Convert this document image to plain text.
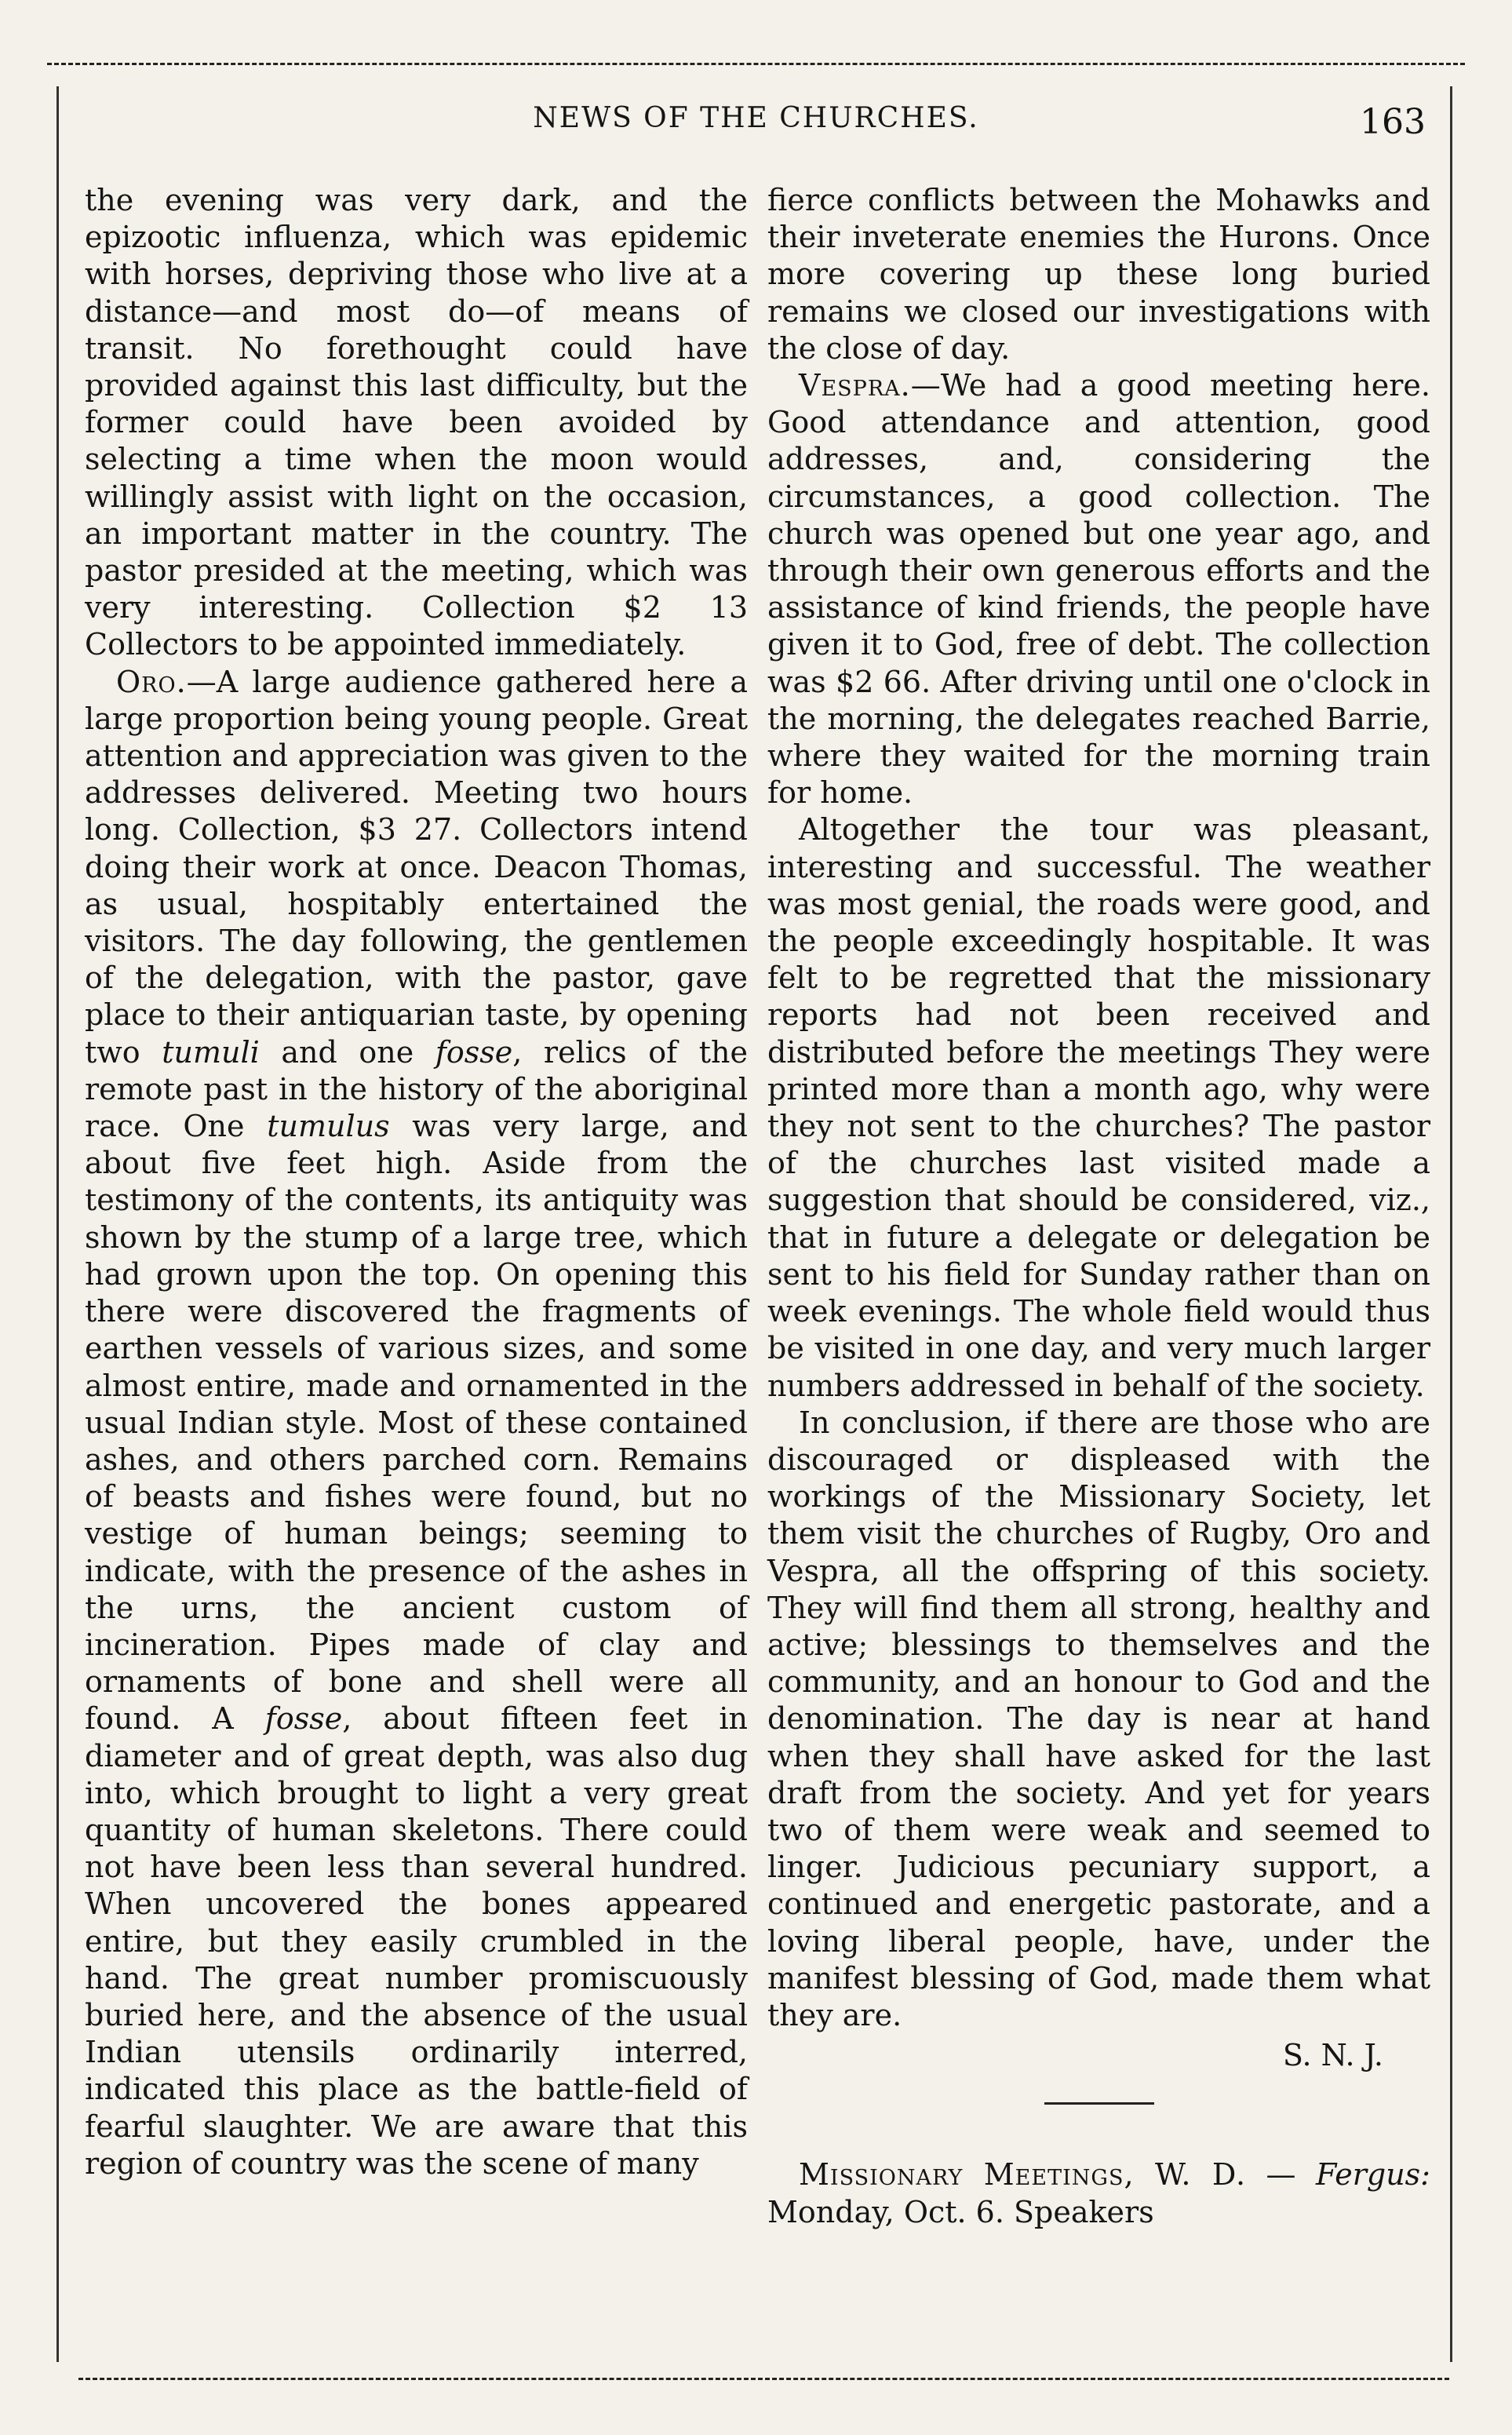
NEWS OF THE CHURCHES.	163

the evening was very dark, and the epizootic influenza, which was epidemic with horses, depriving those who live at a distance—and most do—of means of transit. No forethought could have provided against this last difficulty, but the former could have been avoided by selecting a time when the moon would willingly assist with light on the occasion, an important matter in the country. The pastor presided at the meeting, which was very interesting. Collection $2 13 Collectors to be appointed immediately.

Oro.—A large audience gathered here a large proportion being young people. Great attention and appreciation was given to the addresses delivered. Meeting two hours long. Collection, $3 27. Collectors intend doing their work at once. Deacon Thomas, as usual, hospitably entertained the visitors. The day following, the gentlemen of the delegation, with the pastor, gave place to their antiquarian taste, by opening two tumuli and one fosse, relics of the remote past in the history of the aboriginal race. One tumulus was very large, and about five feet high. Aside from the testimony of the contents, its antiquity was shown by the stump of a large tree, which had grown upon the top. On opening this there were discovered the fragments of earthen vessels of various sizes, and some almost entire, made and ornamented in the usual Indian style. Most of these contained ashes, and others parched corn. Remains of beasts and fishes were found, but no vestige of human beings; seeming to indicate, with the presence of the ashes in the urns, the ancient custom of incineration. Pipes made of clay and ornaments of bone and shell were all found. A fosse, about fifteen feet in diameter and of great depth, was also dug into, which brought to light a very great quantity of human skeletons. There could not have been less than several hundred. When uncovered the bones appeared entire, but they easily crumbled in the hand. The great number promiscuously buried here, and the absence of the usual Indian utensils ordinarily interred, indicated this place as the battle-field of fearful slaughter. We are aware that this region of country was the scene of many

fierce conflicts between the Mohawks and their inveterate enemies the Hurons. Once more covering up these long buried remains we closed our investigations with the close of day.

Vespra.—We had a good meeting here. Good attendance and attention, good addresses, and, considering the circumstances, a good collection. The church was opened but one year ago, and through their own generous efforts and the assistance of kind friends, the people have given it to God, free of debt. The collection was $2 66. After driving until one o'clock in the morning, the delegates reached Barrie, where they waited for the morning train for home.

Altogether the tour was pleasant, interesting and successful. The weather was most genial, the roads were good, and the people exceedingly hospitable. It was felt to be regretted that the missionary reports had not been received and distributed before the meetings They were printed more than a month ago, why were they not sent to the churches? The pastor of the churches last visited made a suggestion that should be considered, viz., that in future a delegate or delegation be sent to his field for Sunday rather than on week evenings. The whole field would thus be visited in one day, and very much larger numbers addressed in behalf of the society.

In conclusion, if there are those who are discouraged or displeased with the workings of the Missionary Society, let them visit the churches of Rugby, Oro and Vespra, all the offspring of this society. They will find them all strong, healthy and active; blessings to themselves and the community, and an honour to God and the denomination. The day is near at hand when they shall have asked for the last draft from the society. And yet for years two of them were weak and seemed to linger. Judicious pecuniary support, a continued and energetic pastorate, and a loving liberal people, have, under the manifest blessing of God, made them what they are.

S. N. J.

Missionary Meetings, W. D. — Fergus: Monday, Oct. 6. Speakers
